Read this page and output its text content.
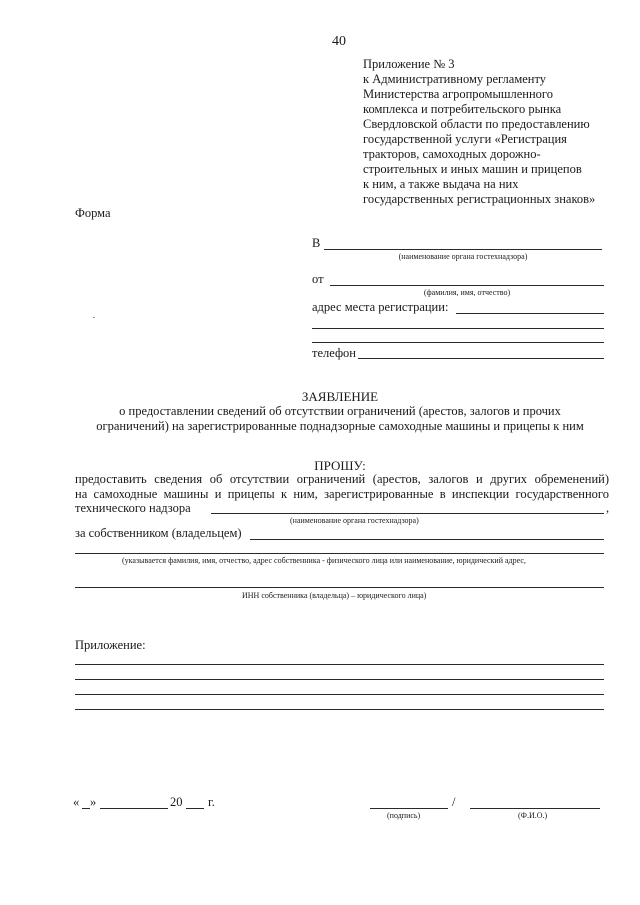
40
Приложение № 3
к Административному регламенту
Министерства агропромышленного
комплекса и потребительского рынка
Свердловской области по предоставлению
государственной услуги «Регистрация
тракторов, самоходных дорожно-
строительных и иных машин и прицепов
к ним, а также выдача на них
государственных регистрационных знаков»
Форма
В
(наименование органа гостехнадзора)
от
(фамилия, имя, отчество)
адрес места регистрации:
телефон
ЗАЯВЛЕНИЕ
о предоставлении сведений об отсутствии ограничений (арестов, залогов и прочих
ограничений) на зарегистрированные поднадзорные самоходные машины и прицепы к ним
ПРОШУ:
предоставить сведения об отсутствии ограничений (арестов, залогов и других обременений)
на самоходные машины и прицепы к ним, зарегистрированные в инспекции государственного
технического надзора	,
(наименование органа гостехнадзора)
за собственником (владельцем)
(указывается фамилия, имя, отчество, адрес собственника - физического лица или наименование, юридический адрес,
ИНН собственника (владельца) – юридического лица)
Приложение:
« »	20 г.	/
(подпись)	(Ф.И.О.)
